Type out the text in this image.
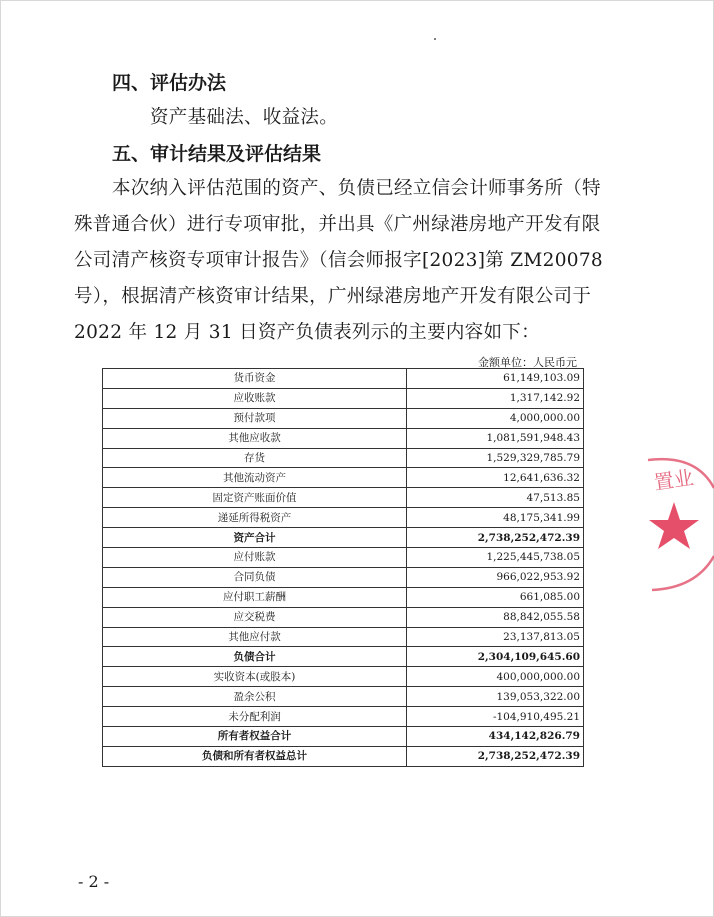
四、评估办法
资产基础法、收益法。
五、审计结果及评估结果
本次纳入评估范围的资产、负债已经立信会计师事务所（特
殊普通合伙）进行专项审批，并出具《广州绿港房地产开发有限
公司清产核资专项审计报告》（信会师报字[2023]第 ZM20078
号），根据清产核资审计结果，广州绿港房地产开发有限公司于
2022 年 12 月 31 日资产负债表列示的主要内容如下：
金额单位：人民币元
货币资金	61,149,103.09
应收账款	1,317,142.92
预付款项	4,000,000.00
其他应收款	1,081,591,948.43
存货	1,529,329,785.79
其他流动资产	12,641,636.32
固定资产账面价值	47,513.85
递延所得税资产	48,175,341.99
资产合计	2,738,252,472.39
应付账款	1,225,445,738.05
合同负债	966,022,953.92
应付职工薪酬	661,085.00
应交税费	88,842,055.58
其他应付款	23,137,813.05
负债合计	2,304,109,645.60
实收资本(或股本)	400,000,000.00
盈余公积	139,053,322.00
未分配利润	-104,910,495.21
所有者权益合计	434,142,826.79
负债和所有者权益总计	2,738,252,472.39
置业
- 2 -
